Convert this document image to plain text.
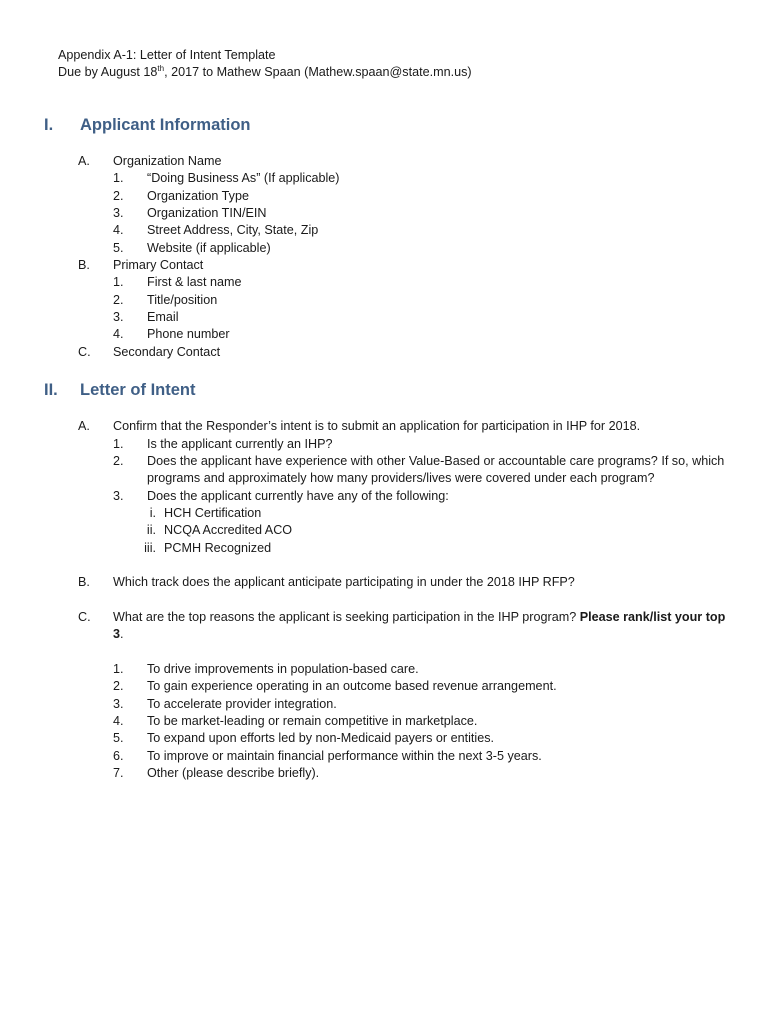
Appendix A-1: Letter of Intent Template
Due by August 18th, 2017 to Mathew Spaan (Mathew.spaan@state.mn.us)
I. Applicant Information
A. Organization Name
1. “Doing Business As” (If applicable)
2. Organization Type
3. Organization TIN/EIN
4. Street Address, City, State, Zip
5. Website (if applicable)
B. Primary Contact
1. First & last name
2. Title/position
3. Email
4. Phone number
C. Secondary Contact
II. Letter of Intent
A. Confirm that the Responder’s intent is to submit an application for participation in IHP for 2018.
1. Is the applicant currently an IHP?
2. Does the applicant have experience with other Value-Based or accountable care programs? If so, which
programs and approximately how many providers/lives were covered under each program?
3. Does the applicant currently have any of the following:
i. HCH Certification
ii. NCQA Accredited ACO
iii. PCMH Recognized
B. Which track does the applicant anticipate participating in under the 2018 IHP RFP?
C. What are the top reasons the applicant is seeking participation in the IHP program? Please rank/list your top
3.
1. To drive improvements in population-based care.
2. To gain experience operating in an outcome based revenue arrangement.
3. To accelerate provider integration.
4. To be market-leading or remain competitive in marketplace.
5. To expand upon efforts led by non-Medicaid payers or entities.
6. To improve or maintain financial performance within the next 3-5 years.
7. Other (please describe briefly).
